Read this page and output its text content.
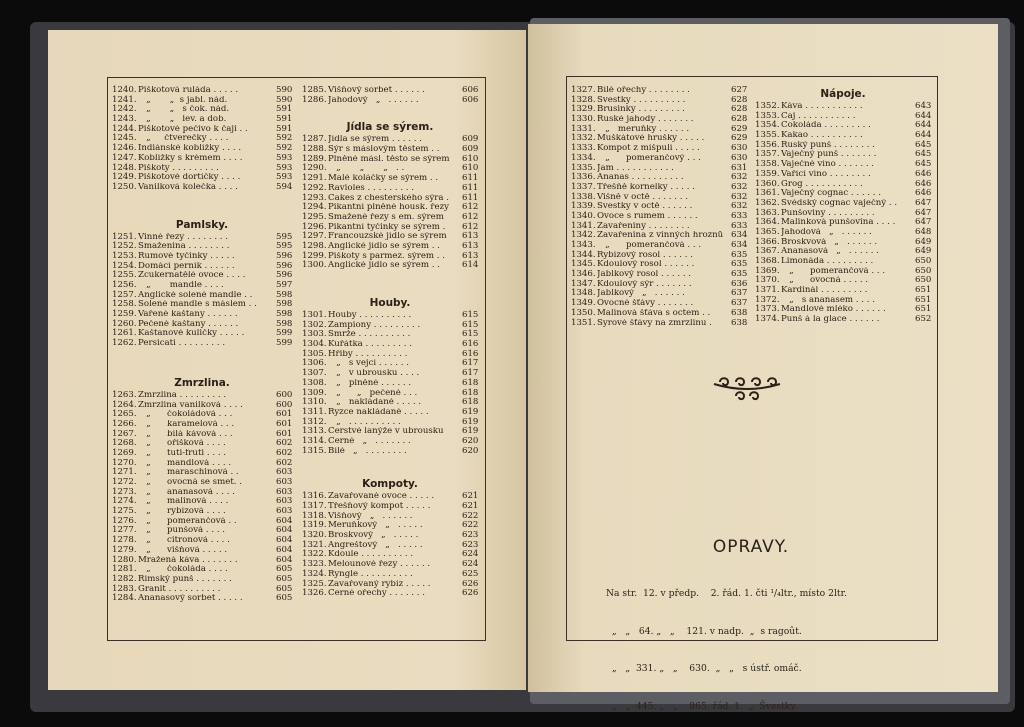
1240. Piškotová ruláda . . . . .	590
1241. „       „  s jabl. nád.	590
1242. „       „   s čok. nád.	591
1243. „       „   lev. a dob.	591
1244. Piškotové pečivo k čaji . .	591
1245. „     čtverečky . . . .	592
1246. Indiánské koblížky . . . .	592
1247. Koblížky s krémem . . . .	593
1248. Piškoty . . . . . . . . .	593
1249. Piškotové dortíčky . . . .	593
1250. Vanilková kolečka . . . .	594
Pamlsky.
1251. Vinné řezy . . . . . . . .	595
1252. Smaženina . . . . . . . .	595
1253. Rumové tyčinky . . . . .	596
1254. Domácí perník . . . . . .	596
1255. Zcukernatělé ovoce . . . .	596
1256. „       mandle . . . .	597
1257. Anglické solené mandle . .	598
1258. Solené mandle s máslem . .	598
1259. Vařené kaštany . . . . . .	598
1260. Pečené kaštany . . . . . .	598
1261. Kaštanové kuličky . . . . .	599
1262. Persicati . . . . . . . . .	599
Zmrzlina.
1263. Zmrzlina . . . . . . . . .	600
1264. Zmrzlina vanilková . . . .	600
1265. „      čokoládová . . .	601
1266. „      karamelová . . .	601
1267. „      bílá kávová . . .	601
1268. „      oříšková . . . .	602
1269. „      tuti-fruti . . . .	602
1270. „      mandlová . . . .	602
1271. „      maraschinová . .	603
1272. „      ovocná se smet. .	603
1273. „      ananasová . . . .	603
1274. „      malinová . . . .	603
1275. „      rybízová . . . .	603
1276. „      pomerančová . .	604
1277. „      punšová . . . .	604
1278. „      citronová . . . .	604
1279. „      višňová . . . . .	604
1280. Mražená káva . . . . . . .	604
1281. „      čokoláda . . . .	605
1282. Římský punš . . . . . . .	605
1283. Granit . . . . . . . . . .	605
1284. Ananasový sorbet . . . . .	605
1285. Višňový sorbet . . . . . .	606
1286. Jahodový   „   . . . . . .	606
Jídla se sýrem.
1287. Jídla se sýrem . . . . . .	609
1288. Sýr s máslovým těstem . .	609
1289. Plněné másl. těsto se sýrem	610
1290. „       „       „   . .	610
1291. Malé koláčky se sýrem . .	611
1292. Ravioles . . . . . . . . .	611
1293. Cakes z chesterského sýra .	611
1294. Pikantní plněné housk. řezy	612
1295. Smažené řezy s em. sýrem	612
1296. Pikantní tyčinky se sýrem .	612
1297. Francouzské jídlo se sýrem	613
1298. Anglické jídlo se sýrem . .	613
1299. Piškoty s parmez. sýrem . .	613
1300. Anglické jídlo se sýrem . .	614
Houby.
1301. Houby . . . . . . . . . .	615
1302. Žampiony . . . . . . . . .	615
1303. Smrže . . . . . . . . . .	615
1304. Kuřátka . . . . . . . . .	616
1305. Hřiby . . . . . . . . . .	616
1306. „   s vejcí . . . . . .	617
1307. „   v ubrousku . . . .	617
1308. „   plněné . . . . . .	618
1309. „      „   pečené . . .	618
1310. „   nakládané . . . . .	618
1311. Ryzce nakládané . . . . .	619
1312. „   . . . . . . . . . .	619
1313. Čerstvé lanýže v ubrousku	619
1314. Černé   „   . . . . . . .	620
1315. Bílé   „   . . . . . . . .	620
Kompoty.
1316. Zavařované ovoce . . . . .	621
1317. Třešňový kompot . . . . .	621
1318. Višňový   „   . . . . . .	622
1319. Meruňkový   „   . . . . .	622
1320. Broskvový   „   . . . . .	623
1321. Angreštový   „   . . . . .	623
1322. Kdoule . . . . . . . . . .	624
1323. Melounové řezy . . . . . .	624
1324. Ryngle . . . . . . . . . .	625
1325. Zavařovaný rybíz . . . . .	626
1326. Černé ořechy . . . . . . .	626
1327. Bílé ořechy . . . . . . . .	627
1328. Švestky . . . . . . . . . .	628
1329. Brusinky . . . . . . . . .	628
1330. Ruské jahody . . . . . . .	628
1331. „   meruňky . . . . . .	629
1332. Muškátové hrušky . . . . .	629
1333. Kompot z míšpulí . . . . .	630
1334. „      pomerančový . . .	630
1335. Jam . . . . . . . . . . .	631
1336. Ananas . . . . . . . . . .	632
1337. Třešňě kornelky . . . . .	632
1338. Višně v octě . . . . . . .	632
1339. Švestky v octě . . . . . .	632
1340. Ovoce s rumem . . . . . .	633
1341. Zavařeniny . . . . . . . .	633
1342. Zavařenina z vinných hroznů 634
1343. „      pomerančová . . .	634
1344. Rybízový rosol . . . . . .	635
1345. Kdoulový rosol . . . . . .	635
1346. Jablkový rosol . . . . . .	635
1347. Kdoulový sýr . . . . . . .	636
1348. Jablkový   „   . . . . . .	637
1349. Ovocné šťávy . . . . . . .	637
1350. Malinová šťáva s octem . .	638
1351. Syrové šťávy na zmrzlinu .	638
Nápoje.
1352. Káva . . . . . . . . . . .	643
1353. Čaj . . . . . . . . . . .	644
1354. Čokoláda . . . . . . . . .	644
1355. Kakao . . . . . . . . . .	644
1356. Ruský punš . . . . . . . .	645
1357. Vaječný punš . . . . . . .	645
1358. Vaječné víno . . . . . . .	645
1359. Vařící víno . . . . . . . .	646
1360. Grog . . . . . . . . . . .	646
1361. Vaječný cognac . . . . . .	646
1362. Švédský cognac vaječný . .	647
1363. Punšoviny . . . . . . . . .	647
1364. Malinková punšovina . . . .	647
1365. Jahodová   „   . . . . . .	648
1366. Broskvová   „   . . . . . .	649
1367. Ananasová   „   . . . . . .	649
1368. Limonáda . . . . . . . . .	650
1369. „      pomerančová . . .	650
1370. „      ovocná . . . . .	650
1371. Kardinál . . . . . . . . .	651
1372. „   s ananasem . . . .	651
1373. Mandlové mléko . . . . . .	651
1374. Punš à la glace . . . . . .	652
OPRAVY.

Na str.  12. v předp.    2. řád. 1. čti ¹/₄ltr., místo 2ltr.

„   „   64. „   „    121. v nadp.  „  s ragoût.

„   „  331. „   „    630.  „   „   s ústř. omáč.

„   „  445. „   „    865. řád. 1.  „  Švestky.
